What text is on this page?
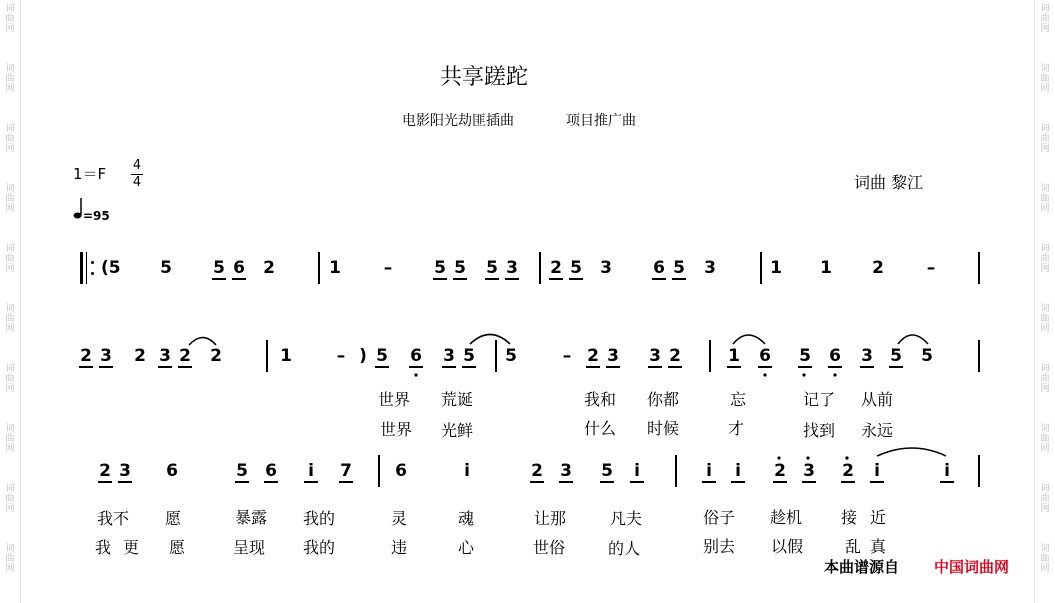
词
曲
网
词
曲
网
词
曲
网
词
曲
网
词
曲
网
词
曲
网
词
曲
网
词
曲
网
词
曲
网
词
曲
网
词
曲
网
词
曲
网
词
曲
网
词
曲
网
词
曲
网
词
曲
网
词
曲
网
词
曲
网
词
曲
网
词
曲
网
共享蹉跎
电影阳光劫匪插曲	项目推广曲
1＝F 4
4
=95
词曲 黎江
(5 5 5 6 2	1	– 5 5 5 3 2 5 3 6 5 3	1 1 2	–
2 3 2 3 2 2	1	– ) 5 6 3 5 5	– 2 3 3 2	1 6 5 6 3 5 5
世界 荒诞	我和 你都	忘	记了 从前
世界 光鲜	什么 时候	才	找到 永远
2 3 6	5 6 i 7	6	i	2 3 5 i	i i 2 3 2 i	i
我不 愿	暴露 我的	灵	魂	让那	凡夫	俗子 趁机 接 近
我 更 愿	呈现 我的	违	心	世俗	的人	别去 以假	乱 真
本曲谱源自 中国词曲网
